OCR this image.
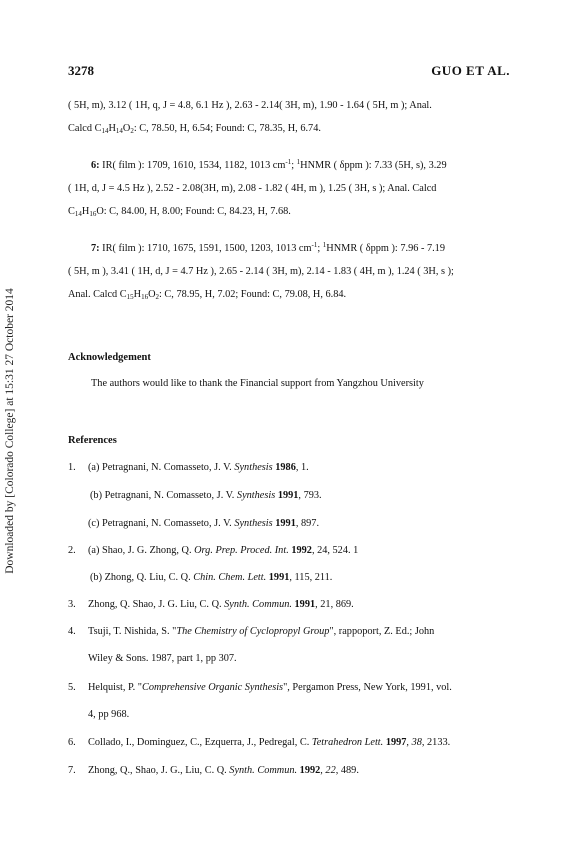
Downloaded by [Colorado College] at 15:31 27 October 2014
3278	GUO ET AL.
( 5H, m), 3.12 ( 1H, q, J = 4.8, 6.1 Hz ), 2.63 - 2.14( 3H, m), 1.90 - 1.64 ( 5H, m ); Anal.
Calcd $C_{14}H_{14}O_2$: C, 78.50, H, 6.54; Found: C, 78.35, H, 6.74.
6: IR( film ): 1709, 1610, 1534, 1182, 1013 $cm^{-1}$; $^1$HNMR ( δppm ): 7.33 (5H, s), 3.29
( 1H, d, J = 4.5 Hz ), 2.52 - 2.08(3H, m), 2.08 - 1.82 ( 4H, m ), 1.25 ( 3H, s ); Anal. Calcd
$C_{14}H_{16}O$: C, 84.00, H, 8.00; Found: C, 84.23, H, 7.68.
7: IR( film ): 1710, 1675, 1591, 1500, 1203, 1013 $cm^{-1}$; $^1$HNMR ( δppm ): 7.96 - 7.19
( 5H, m ), 3.41 ( 1H, d, J = 4.7 Hz ), 2.65 - 2.14 ( 3H, m), 2.14 - 1.83 ( 4H, m ), 1.24 ( 3H, s );
Anal. Calcd $C_{15}H_{16}O_2$: C, 78.95, H, 7.02; Found: C, 79.08, H, 6.84.
Acknowledgement
The authors would like to thank the Financial support from Yangzhou University
References
1. (a) Petragnani, N. Comasseto, J. V. Synthesis 1986, 1.
(b) Petragnani, N. Comasseto, J. V. Synthesis 1991, 793.
(c) Petragnani, N. Comasseto, J. V. Synthesis 1991, 897.
2. (a) Shao, J. G. Zhong, Q. Org. Prep. Proced. Int. 1992, 24, 524. 1
(b) Zhong, Q. Liu, C. Q. Chin. Chem. Lett. 1991, 115, 211.
3. Zhong, Q. Shao, J. G. Liu, C. Q. Synth. Commun. 1991, 21, 869.
4. Tsuji, T. Nishida, S. "The Chemistry of Cyclopropyl Group", rappoport, Z. Ed.; John
Wiley & Sons. 1987, part 1, pp 307.
5. Helquist, P. "Comprehensive Organic Synthesis", Pergamon Press, New York, 1991, vol.
4, pp 968.
6. Collado, I., Dominguez, C., Ezquerra, J., Pedregal, C. Tetrahedron Lett. 1997, 38, 2133.
7. Zhong, Q., Shao, J. G., Liu, C. Q. Synth. Commun. 1992, 22, 489.
